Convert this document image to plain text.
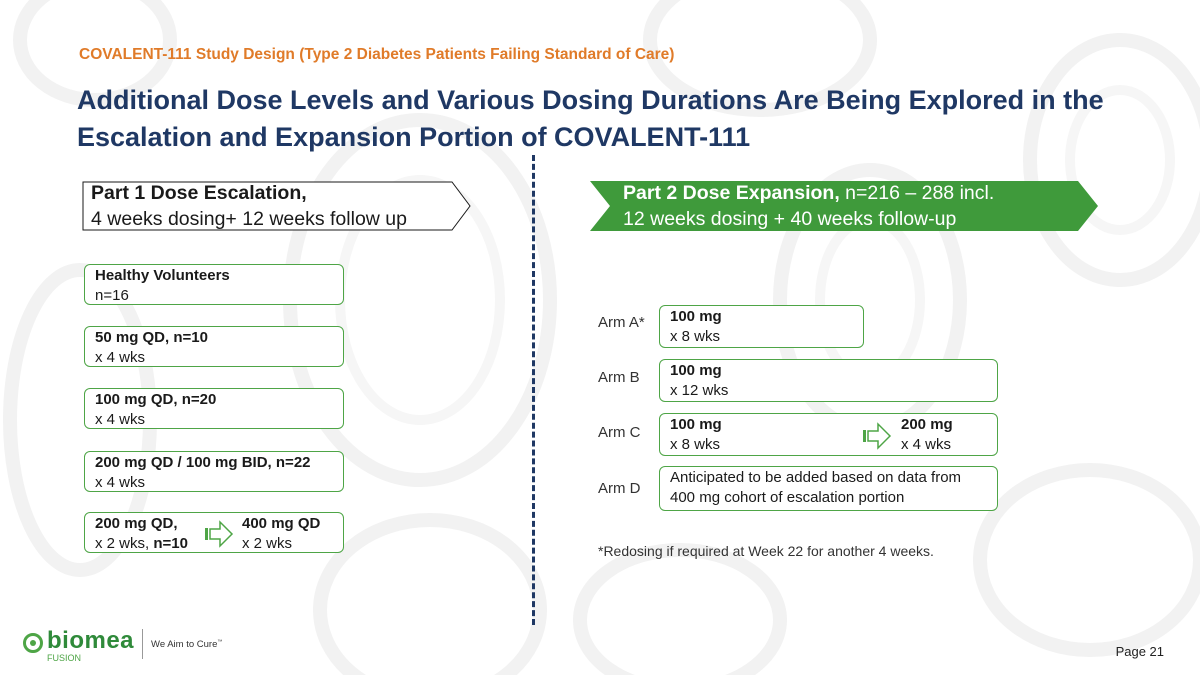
COVALENT-111 Study Design (Type 2 Diabetes Patients Failing Standard of Care)
Additional Dose Levels and Various Dosing Durations Are Being Explored in the
Escalation and Expansion Portion of COVALENT-111
Part 1 Dose Escalation,
4 weeks dosing+ 12 weeks follow up
Part 2 Dose Expansion, n=216 – 288 incl.
12 weeks dosing + 40 weeks follow-up
Healthy Volunteers
n=16
50 mg QD, n=10
x 4 wks
100 mg QD, n=20
x 4 wks
200 mg QD / 100 mg BID, n=22
x 4 wks
200 mg QD,
x 2 wks, n=10
400 mg QD
x 2 wks
Arm A* 100 mg
x 8 wks
Arm B 100 mg
x 12 wks
Arm C 100 mg
x 8 wks
200 mg
x 4 wks
Arm D
Anticipated to be added based on data from
400 mg cohort of escalation portion
*Redosing if required at Week 22 for another 4 weeks.
biomea
FUSION
We Aim to Cure™
Page 21
